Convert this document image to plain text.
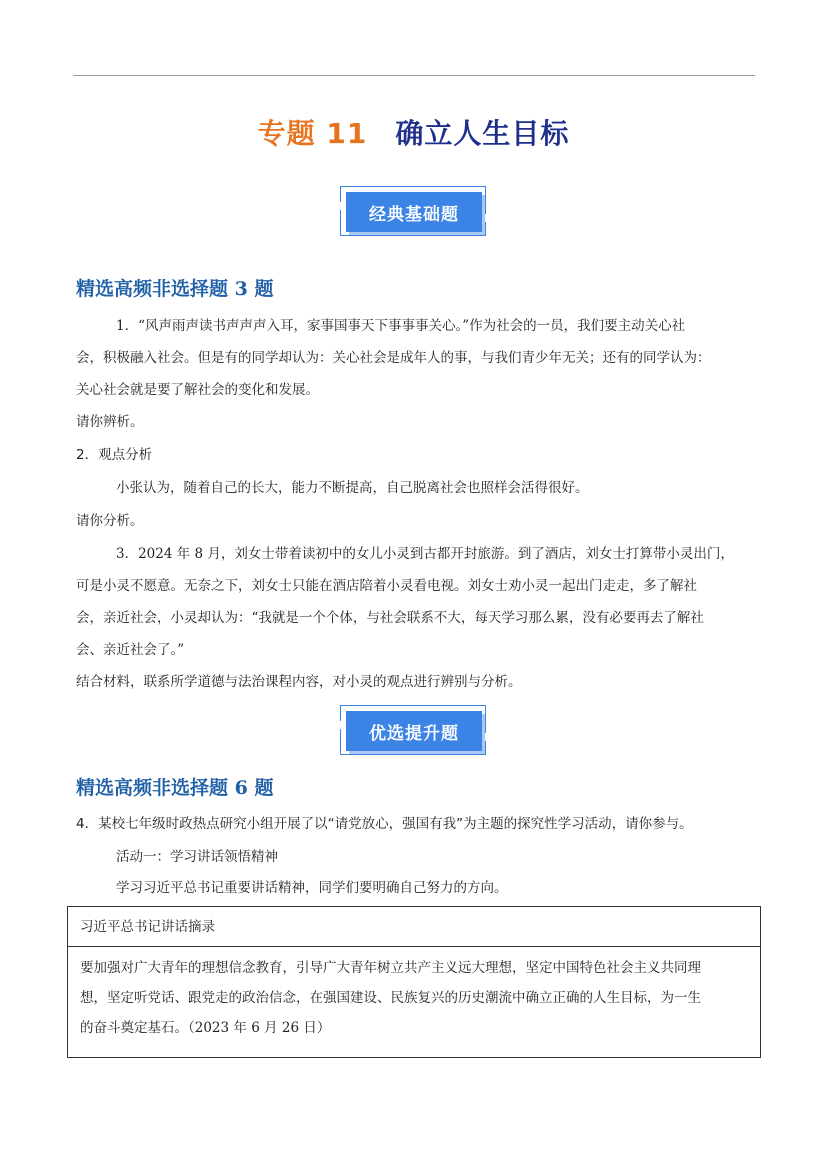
专题 11 确立人生目标
经典基础题
精选高频非选择题 3 题

1．“风声雨声读书声声声入耳，家事国事天下事事事关心。”作为社会的一员，我们要主动关心社

会，积极融入社会。但是有的同学却认为：关心社会是成年人的事，与我们青少年无关；还有的同学认为：

关心社会就是要了解社会的变化和发展。

请你辨析。

2．观点分析

小张认为，随着自己的长大，能力不断提高，自己脱离社会也照样会活得很好。

请你分析。

3．2024 年 8 月，刘女士带着读初中的女儿小灵到古都开封旅游。到了酒店，刘女士打算带小灵出门，

可是小灵不愿意。无奈之下，刘女士只能在酒店陪着小灵看电视。刘女士劝小灵一起出门走走，多了解社

会，亲近社会，小灵却认为：“我就是一个个体，与社会联系不大，每天学习那么累，没有必要再去了解社

会、亲近社会了。”

结合材料，联系所学道德与法治课程内容，对小灵的观点进行辨别与分析。

优选提升题
精选高频非选择题 6 题

4．某校七年级时政热点研究小组开展了以“请党放心，强国有我”为主题的探究性学习活动，请你参与。

活动一：学习讲话领悟精神

学习习近平总书记重要讲话精神，同学们要明确自己努力的方向。

习近平总书记讲话摘录
要加强对广大青年的理想信念教育，引导广大青年树立共产主义远大理想，坚定中国特色社会主义共同理
想，坚定听党话、跟党走的政治信念，在强国建设、民族复兴的历史潮流中确立正确的人生目标，为一生
的奋斗奠定基石。（2023 年 6 月 26 日）
